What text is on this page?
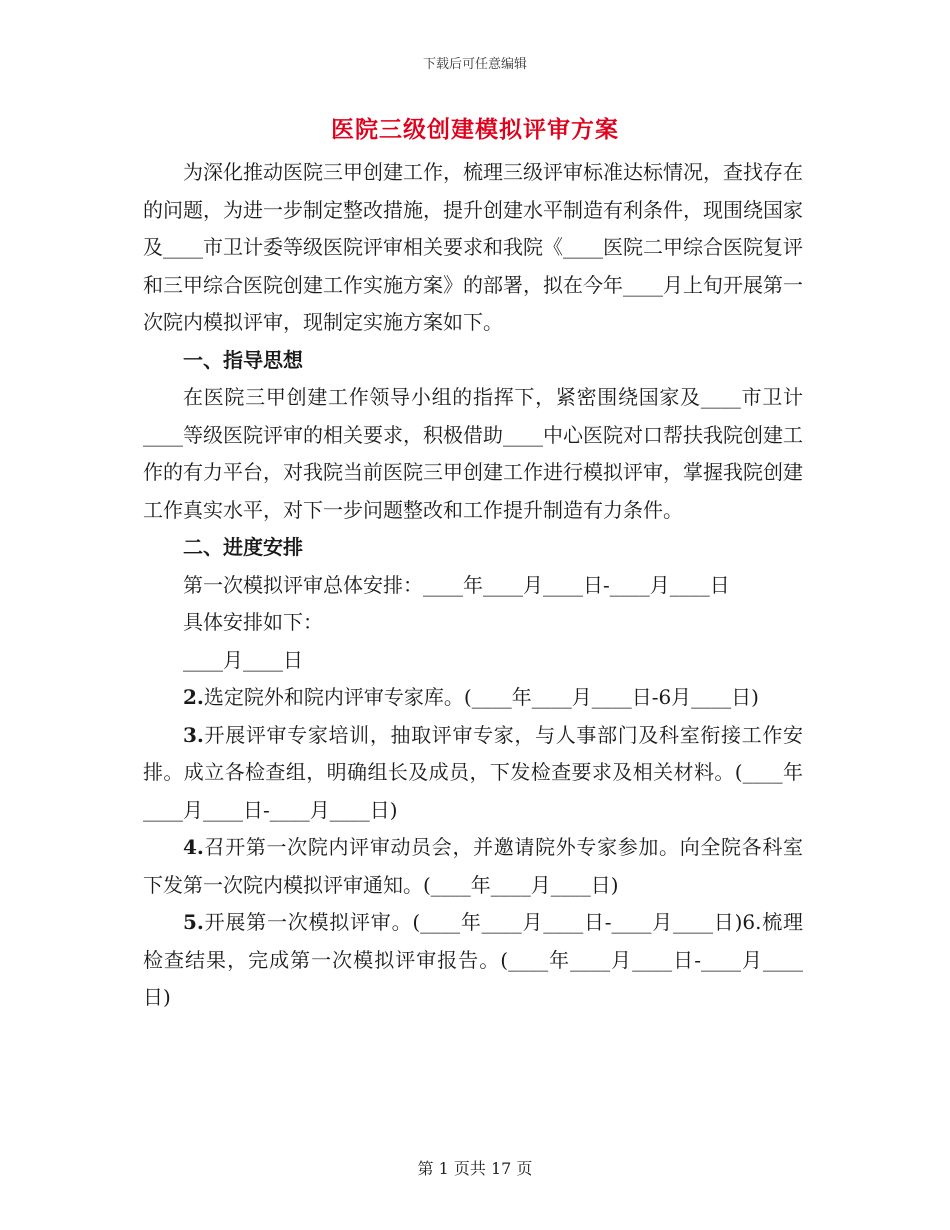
下载后可任意编辑
医院三级创建模拟评审方案

为深化推动医院三甲创建工作，梳理三级评审标准达标情况，查找存在的问题，为进一步制定整改措施，提升创建水平制造有利条件，现围绕国家及____市卫计委等级医院评审相关要求和我院《____医院二甲综合医院复评和三甲综合医院创建工作实施方案》的部署，拟在今年____月上旬开展第一次院内模拟评审，现制定实施方案如下。

一、指导思想

在医院三甲创建工作领导小组的指挥下，紧密围绕国家及____市卫计____等级医院评审的相关要求，积极借助____中心医院对口帮扶我院创建工作的有力平台，对我院当前医院三甲创建工作进行模拟评审，掌握我院创建工作真实水平，对下一步问题整改和工作提升制造有力条件。

二、进度安排

第一次模拟评审总体安排：____年____月____日-____月____日

具体安排如下：

____月____日

2.选定院外和院内评审专家库。(____年____月____日-6月____日)

3.开展评审专家培训，抽取评审专家，与人事部门及科室衔接工作安排。成立各检查组，明确组长及成员，下发检查要求及相关材料。(____年____月____日-____月____日)

4.召开第一次院内评审动员会，并邀请院外专家参加。向全院各科室下发第一次院内模拟评审通知。(____年____月____日)

5.开展第一次模拟评审。(____年____月____日-____月____日)6.梳理检查结果，完成第一次模拟评审报告。(____年____月____日-____月____日)

第 1 页共 17 页
